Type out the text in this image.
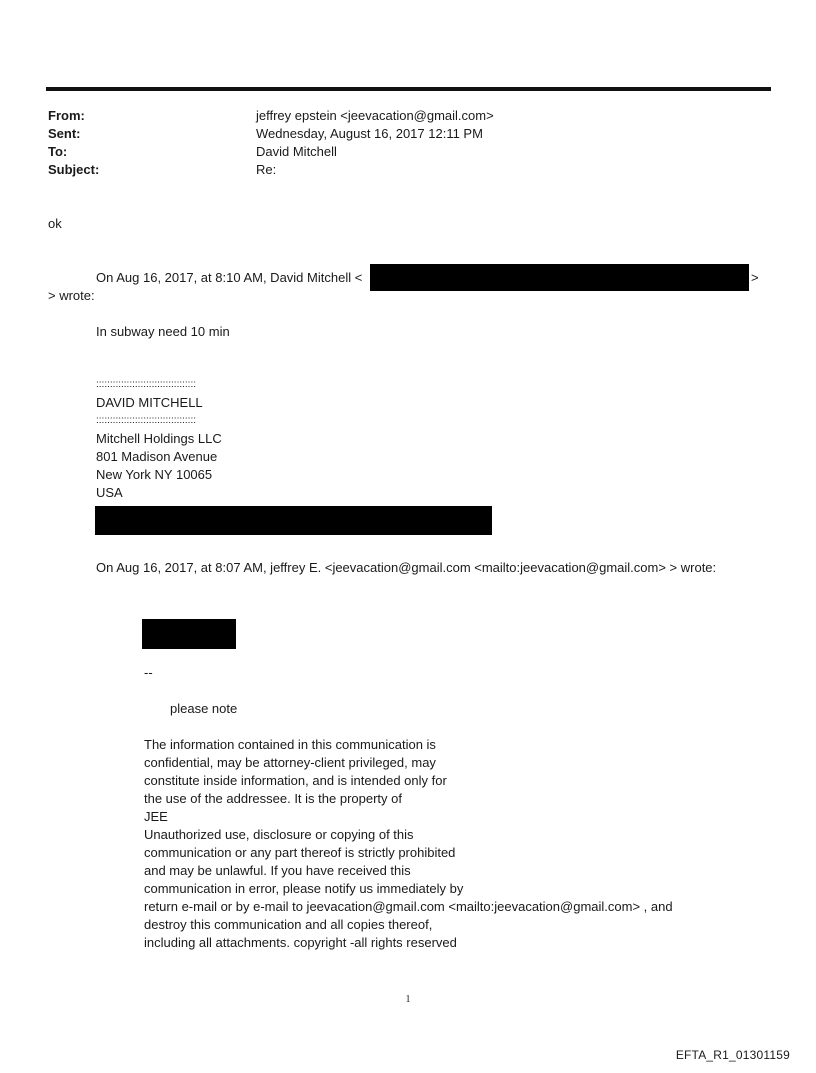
From:	jeffrey epstein <jeevacation@gmail.com>
Sent:	Wednesday, August 16, 2017 12:11 PM
To:	David Mitchell
Subject:	Re:
ok
On Aug 16, 2017, at 8:10 AM, David Mitchell <	>
> wrote:
In subway need 10 min
::::::::::::::::::::::::::::::::::::
DAVID MITCHELL
::::::::::::::::::::::::::::::::::::
Mitchell Holdings LLC
801 Madison Avenue
New York NY 10065
USA
On Aug 16, 2017, at 8:07 AM, jeffrey E. <jeevacation@gmail.com <mailto:jeevacation@gmail.com> > wrote:
--
please note
The information contained in this communication is
confidential, may be attorney-client privileged, may
constitute inside information, and is intended only for
the use of the addressee. It is the property of
JEE
Unauthorized use, disclosure or copying of this
communication or any part thereof is strictly prohibited
and may be unlawful. If you have received this
communication in error, please notify us immediately by
return e-mail or by e-mail to jeevacation@gmail.com <mailto:jeevacation@gmail.com> , and
destroy this communication and all copies thereof,
including all attachments. copyright -all rights reserved
1
EFTA_R1_01301159
